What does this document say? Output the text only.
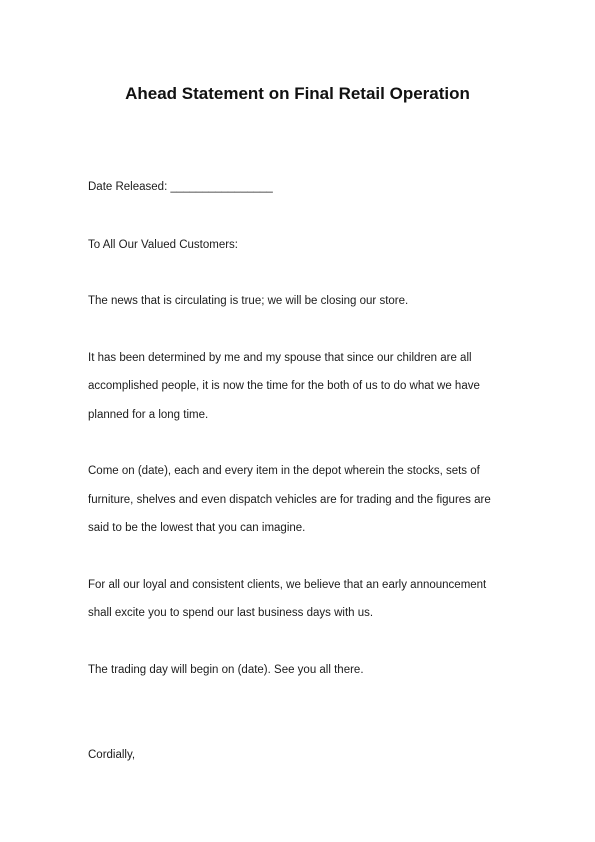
Ahead Statement on Final Retail Operation
Date Released: ________________
To All Our Valued Customers:
The news that is circulating is true; we will be closing our store.
It has been determined by me and my spouse that since our children are all
accomplished people, it is now the time for the both of us to do what we have
planned for a long time.
Come on (date), each and every item in the depot wherein the stocks, sets of
furniture, shelves and even dispatch vehicles are for trading and the figures are
said to be the lowest that you can imagine.
For all our loyal and consistent clients, we believe that an early announcement
shall excite you to spend our last business days with us.
The trading day will begin on (date). See you all there.
Cordially,
